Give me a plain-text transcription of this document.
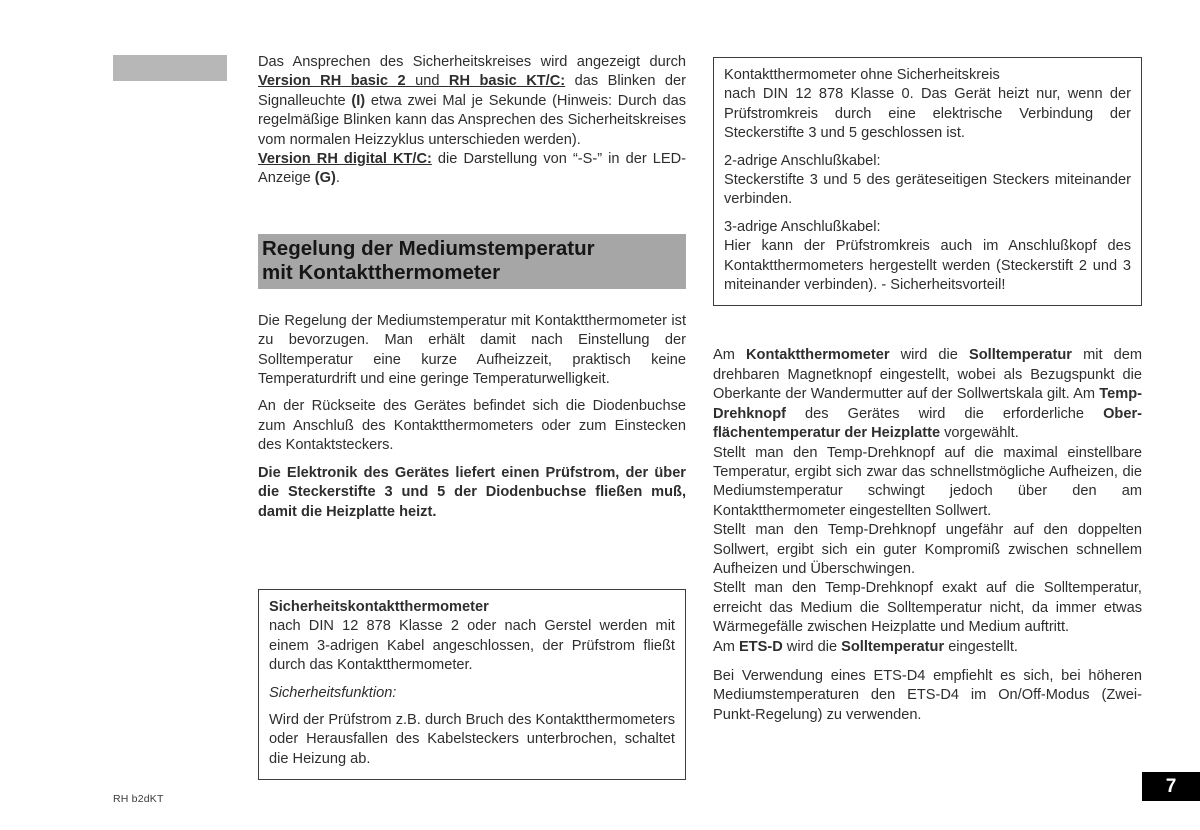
Das Ansprechen des Sicherheitskreises wird angezeigt durch Version RH basic 2 und RH basic KT/C: das Blinken der Signalleuchte (I) etwa zwei Mal je Sekunde (Hinweis: Durch das regelmäßige Blinken kann das Ansprechen des Sicherheitskreises vom normalen Heizzyklus unterschieden werden).
Version RH digital KT/C: die Darstellung von “-S-” in der LED-Anzeige (G).

Regelung der Mediumstemperatur
mit Kontaktthermometer

Die Regelung der Mediumstemperatur mit Kontaktthermometer ist zu bevorzugen. Man erhält damit nach Einstellung der Solltemperatur eine kurze Aufheizzeit, praktisch keine Temperaturdrift und eine geringe Temperaturwelligkeit.

An der Rückseite des Gerätes befindet sich die Diodenbuchse zum Anschluß des Kontaktthermometers oder zum Einstecken des Kontaktsteckers.

Die Elektronik des Gerätes liefert einen Prüfstrom, der über die Steckerstifte 3 und 5 der Diodenbuchse fließen muß, damit die Heizplatte heizt.

Sicherheitskontaktthermometer

nach DIN 12 878 Klasse 2 oder nach Gerstel werden mit einem 3-adrigen Kabel angeschlossen, der Prüfstrom fließt durch das Kontaktthermometer.

Sicherheitsfunktion:

Wird der Prüfstrom z.B. durch Bruch des Kontaktthermometers oder Herausfallen des Kabelsteckers unterbrochen, schaltet die Heizung ab.

Kontaktthermometer ohne Sicherheitskreis

nach DIN 12 878 Klasse 0. Das Gerät heizt nur, wenn der Prüfstromkreis durch eine elektrische Verbindung der Steckerstifte 3 und 5 geschlossen ist.

2-adrige Anschlußkabel:

Steckerstifte 3 und 5 des geräteseitigen Steckers miteinander verbinden.

3-adrige Anschlußkabel:

Hier kann der Prüfstromkreis auch im Anschlußkopf des Kontaktthermometers hergestellt werden (Steckerstift 2 und 3 miteinander verbinden). - Sicherheitsvorteil!

Am Kontaktthermometer wird die Solltemperatur mit dem drehbaren Magnetknopf eingestellt, wobei als Bezugspunkt die Oberkante der Wandermutter auf der Sollwertskala gilt. Am Temp-Drehknopf des Gerätes wird die erforderliche Ober-flächentemperatur der Heizplatte vorgewählt.

Stellt man den Temp-Drehknopf auf die maximal einstellbare Temperatur, ergibt sich zwar das schnellstmögliche Aufheizen, die Mediumstemperatur schwingt jedoch über den am Kontaktthermometer eingestellten Sollwert.

Stellt man den Temp-Drehknopf ungefähr auf den doppelten Sollwert, ergibt sich ein guter Kompromiß zwischen schnellem Aufheizen und Überschwingen.

Stellt man den Temp-Drehknopf exakt auf die Solltemperatur, erreicht das Medium die Solltemperatur nicht, da immer etwas Wärmegefälle zwischen Heizplatte und Medium auftritt.

Am ETS-D wird die Solltemperatur eingestellt.

Bei Verwendung eines ETS-D4 empfiehlt es sich, bei höheren Mediumstemperaturen den ETS-D4 im On/Off-Modus (Zwei-Punkt-Regelung) zu verwenden.

RH b2dKT
7
